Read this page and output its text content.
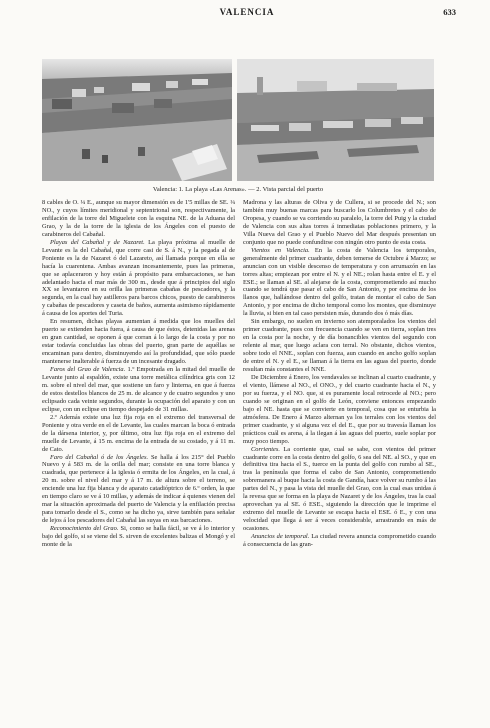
VALENCIA	633
Valencia: 1. La playa «Las Arenas». — 2. Vista parcial del puerto

8 cables de O. ¼ E., aunque su mayor dimensión es de 1'5 millas de SE. ¼ NO., y cuyos límites meridional y septentrional son, respectivamente, la enfilación de la torre del Miguelete con la esquina NE. de la Aduana del Grao, y la de la torre de la iglesia de los Ángeles con el puesto de carabineros del Cabañal.

Playas del Cabañal y de Nazaret. La playa próxima al muelle de Levante es la del Cabañal, que corre casi de S. á N., y la pegada al de Poniente es la de Nazaret ó del Lazareto, así llamada porque en ella se hacía la cuarentena. Ambas avanzan incesantemente, pues las primeras, que se aplaceraron y hoy están á propósito para embarcaciones, se han adelantado hacia el mar más de 300 m., desde que á principios del siglo XX se levantaron en su orilla las primeras cabañas de pescadores, y la segunda, en la cual hay astilleros para barcos chicos, puesto de carabineros y cabañas de pescadores y caseta de baños, aumenta asimismo rápidamente á causa de los aportes del Turia.

En resumen, dichas playas aumentan á medida que los muelles del puerto se extienden hacia fuera, á causa de que éstos, detenidas las arenas en gran cantidad, se oponen á que corran á lo largo de la costa y por no estar todavía concluidas las obras del puerto, gran parte de aquéllas se encaminan para dentro, disminuyendo así la profundidad, que sólo puede mantenerse inalterable á fuerza de un incesante dragado.

Faros del Grao de Valencia. 1.º Empotrada en la mitad del muelle de Levante junto al espaldón, existe una torre metálica cilíndrica gris con 12 m. sobre el nivel del mar, que sostiene un faro y linterna, en que á fuerza de estos destellos blancos de 25 m. de alcance y de cuatro segundos y uno eclipsado cada veinte segundos, durante la ocupación del aparato y con un eclipse, con un eclipse en tiempo despejado de 31 millas.

2.º Además existe una luz fija roja en el extremo del transversal de Poniente y otra verde en el de Levante, las cuales marcan la boca ó entrada de la dársena interior, y, por último, otra luz fija roja en el extremo del muelle de Levante, á 15 m. encima de la entrada de su costado, y á 11 m. de Cato.

Faro del Cabañal ó de los Ángeles. Se halla á los 215° del Pueblo Nuevo y á 583 m. de la orilla del mar; consiste en una torre blanca y cuadrada, que pertenece á la iglesia ó ermita de los Ángeles, en la cual, á 20 m. sobre el nivel del mar y á 17 m. de altura sobre el terreno, se enciende una luz fija blanca y de aparato catadióptrico de 6.º orden, la que en tiempo claro se ve á 10 millas, y además de indicar á quienes vienen del mar la situación aproximada del puerto de Valencia y la enfilación precisa para tomarlo desde el S., como se ha dicho ya, sirve también para señalar de lejos á los pescadores del Cabañal las suyas en sus barcaciones.

Reconocimiento del Grao. Si, como se halla fácil, se ve á lo interior y bajo del golfo, si se viene del S. sirven de excelentes balizas el Mongó y el monte de la

Madrona y las alturas de Oliva y de Cullera, si se procede del N.; son también muy buenas marcas para buscarlo los Columbretes y el cabo de Oropesa, y cuando se va corriendo su paralelo, la torre del Puig y la ciudad de Valencia con sus altas torres á inmediatas poblaciones primero, y la Villa Nueva del Grao y el Pueblo Nuevo del Mar después presentan un conjunto que no puede confundirse con ningún otro punto de esta costa.

Vientos en Valencia. En la costa de Valencia los temporales, generalmente del primer cuadrante, deben temerse de Octubre á Marzo; se anuncian con un visible descenso de temperatura y con arrumazón en las torres altas; empiezan por entre el N. y el NE.; rolan hasta entre el E. y el ESE.; se llaman al SE. al alejarse de la costa, comprometiendo así mucho cuando se tendrá que pasar el cabo de San Antonio, y por encima de los llanos que, hallándose dentro del golfo, tratan de montar el cabo de San Antonio, y por encima de dicho temporal como los montes, que disminuye la lluvia, si bien en tal caso persisten más, durando dos ó más días.

Sin embargo, no suelen en invierno son atemporalados los vientos del primer cuadrante, pues con frecuencia cuando se ven en tierra, soplan tres en la costa por la noche, y de día bonancibles vientos del segundo con relente al mar, que luego aclara con terral. No obstante, dichos vientos, sobre todo el NNE., soplan con fuerza, aun cuando en ancho golfo soplan de entre el N. y el E., se llaman á la tierra en las aguas del puerto, donde resultan más constantes el NNE.

De Diciembre á Enero, los vendavales se inclinan al cuarto cuadrante, y el viento, llámese al NO., el ONO., y del cuarto cuadrante hacia el N., y por su fuerza, y el NO. que, si es puramente local retrocede al NO.; pero cuando se originan en el golfo de León, conviene entonces empezando bajo el NE. hasta que se convierte en temporal, cosa que se enturbia la atmósfera. De Enero á Marzo alternan ya los terrales con los vientos del primer cuadrante, y si alguna vez el del E., que por su travesía llaman los prácticos cuál es arena, á la ilegan á las aguas del puerto, suele soplar por muy poco tiempo.

Corrientes. La corriente que, cual se sabe, con vientos del primer cuadrante corre en la costa dentro del golfo, 6 sea del NE. al SO., y que en definitiva tira hacia el S., tuerce en la punta del golfo con rumbo al SE., tras la península que forma el cabo de San Antonio, comprometiendo sobremanera al buque hacia la costa de Gandía, hace volver su rumbo á las partes del N., y pasa la vista del muelle del Grao, con la cual esas unidas á la revesa que se forma en la playa de Nazaret y de los Ángeles, tras la cual aprovechan ya al SE. ó ESE., siguiendo la dirección que le imprime el extremo del muelle de Levante se escapa hacia el ESE. ó E., y con una velocidad que llega á ser á veces considerable, arrastrando en más de ocasiones.

Anuncios de temporal. La ciudad revera anuncia comprometido cuando á consecuencia de las gran-
